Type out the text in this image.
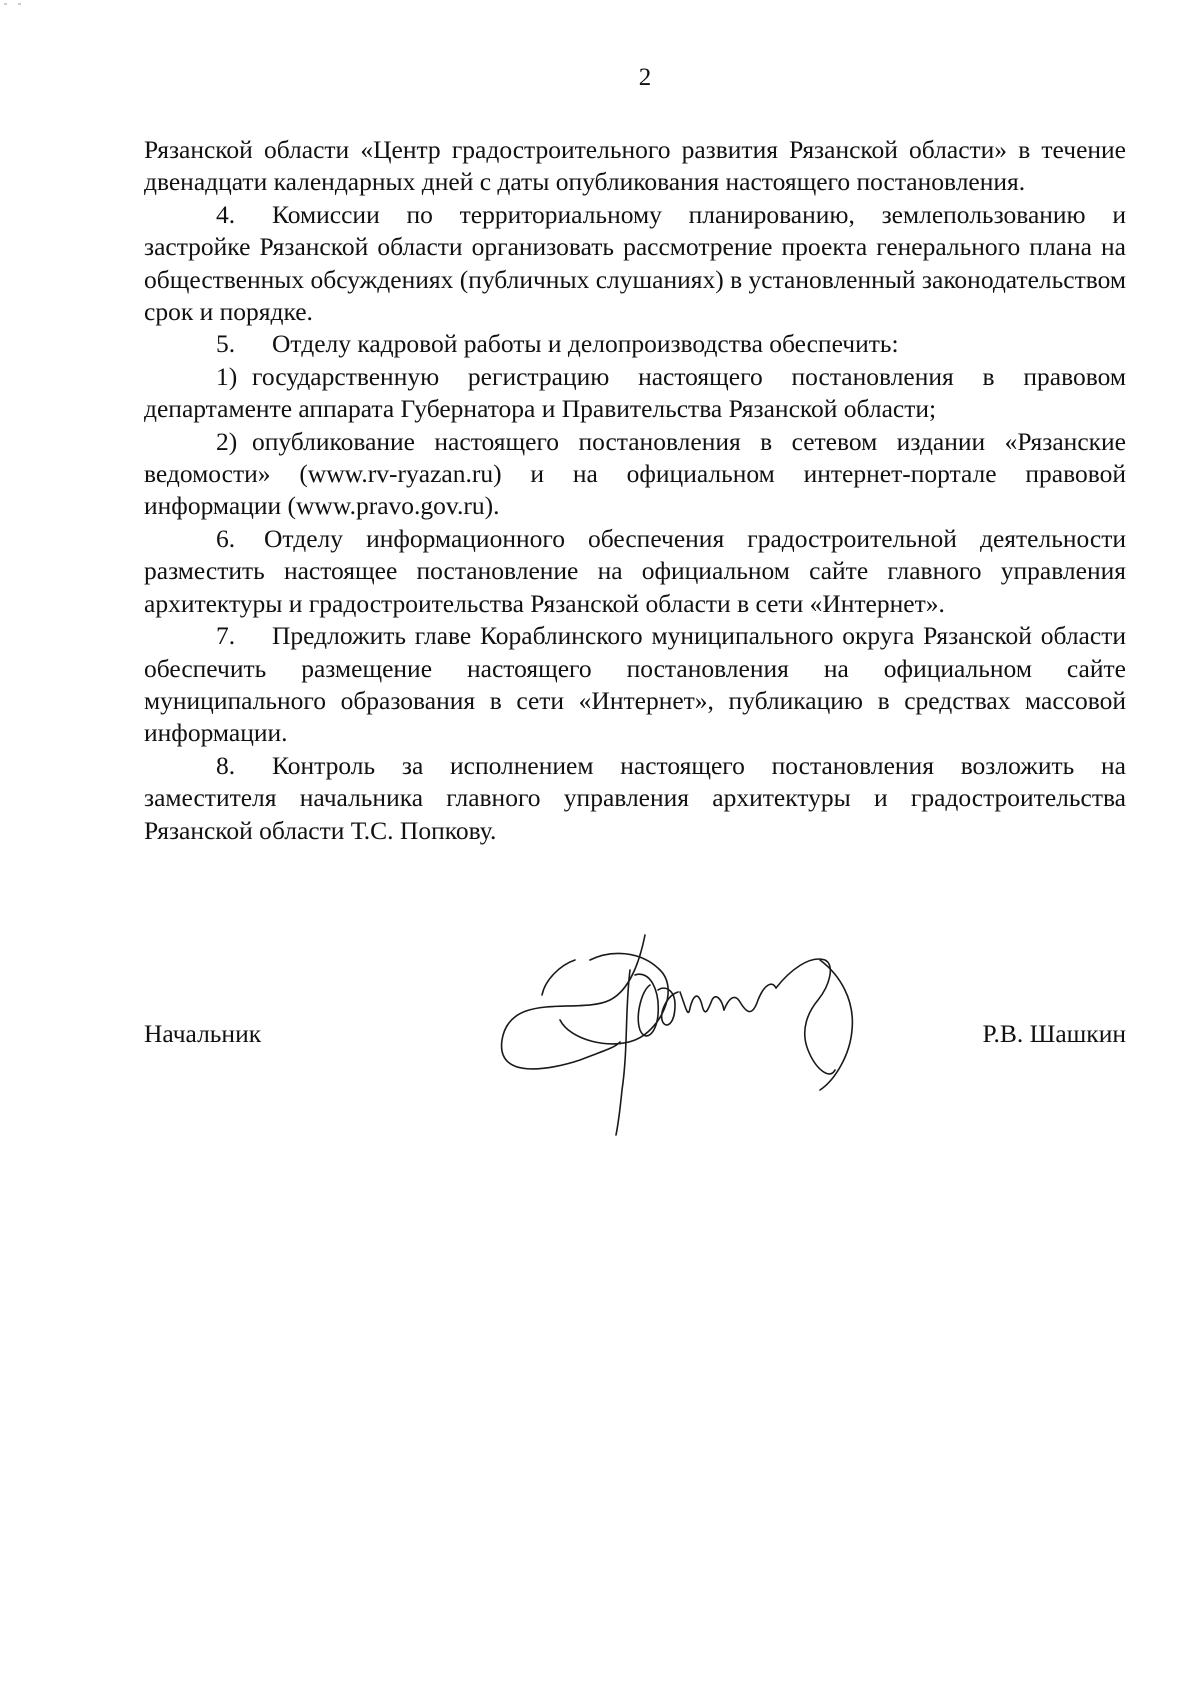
2

Рязанской области «Центр градостроительного развития Рязанской области» в течение двенадцати календарных дней с даты опубликования настоящего постановления.

4. Комиссии по территориальному планированию, землепользованию и застройке Рязанской области организовать рассмотрение проекта генерального плана на общественных обсуждениях (публичных слушаниях) в установленный законодательством срок и порядке.

5. Отделу кадровой работы и делопроизводства обеспечить:

1) государственную регистрацию настоящего постановления в правовом департаменте аппарата Губернатора и Правительства Рязанской области;

2) опубликование настоящего постановления в сетевом издании «Рязанские ведомости» (www.rv-ryazan.ru) и на официальном интернет-портале правовой информации (www.pravo.gov.ru).

6. Отделу информационного обеспечения градостроительной деятельности разместить настоящее постановление на официальном сайте главного управления архитектуры и градостроительства Рязанской области в сети «Интернет».

7. Предложить главе Кораблинского муниципального округа Рязанской области обеспечить размещение настоящего постановления на официальном сайте муниципального образования в сети «Интернет», публикацию в средствах массовой информации.

8. Контроль за исполнением настоящего постановления возложить на заместителя начальника главного управления архитектуры и градостроительства Рязанской области Т.С. Попкову.

Начальник	Р.В. Шашкин
